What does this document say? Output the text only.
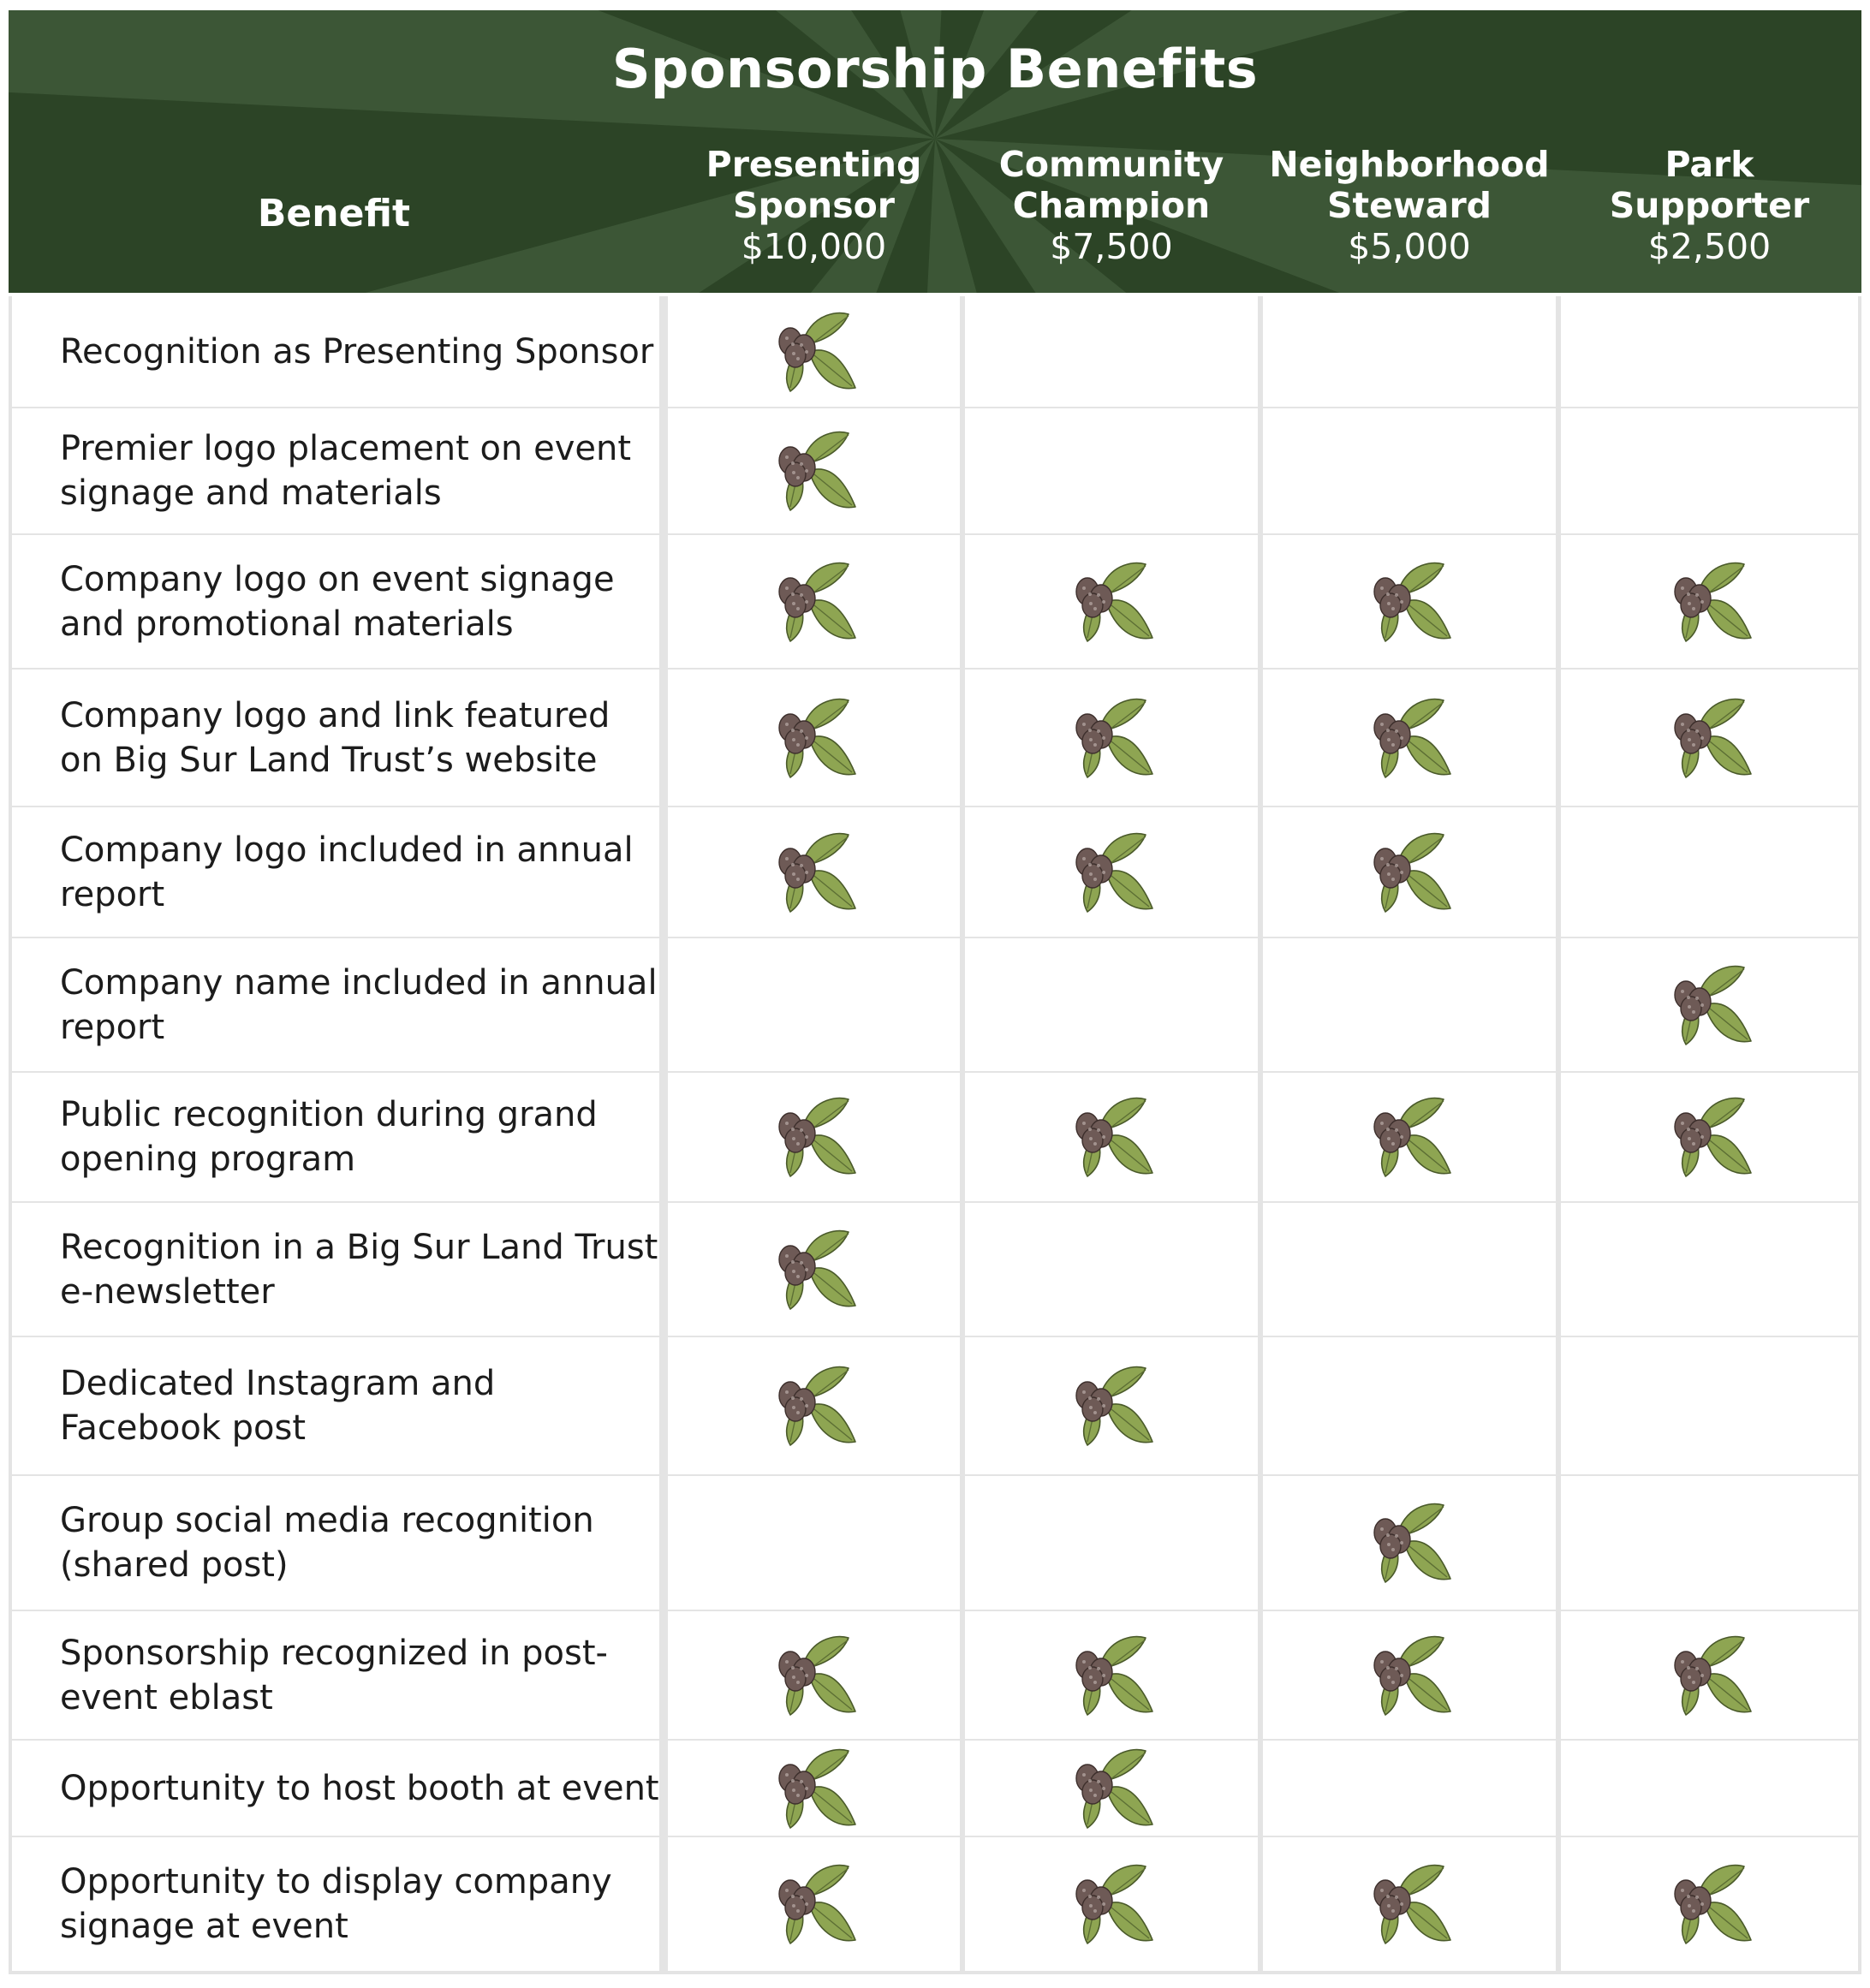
Sponsorship Benefits
Benefit
Presenting
Sponsor
$10,000
Community
Champion
$7,500
Neighborhood
Steward
$5,000
Park
Supporter
$2,500
Recognition as Presenting Sponsor
Premier logo placement on event
signage and materials
Company logo on event signage
and promotional materials
Company logo and link featured
on Big Sur Land Trust’s website
Company logo included in annual
report
Company name included in annual
report
Public recognition during grand
opening program
Recognition in a Big Sur Land Trust
e-newsletter
Dedicated Instagram and
Facebook post
Group social media recognition
(shared post)
Sponsorship recognized in post-
event eblast
Opportunity to host booth at event
Opportunity to display company
signage at event
